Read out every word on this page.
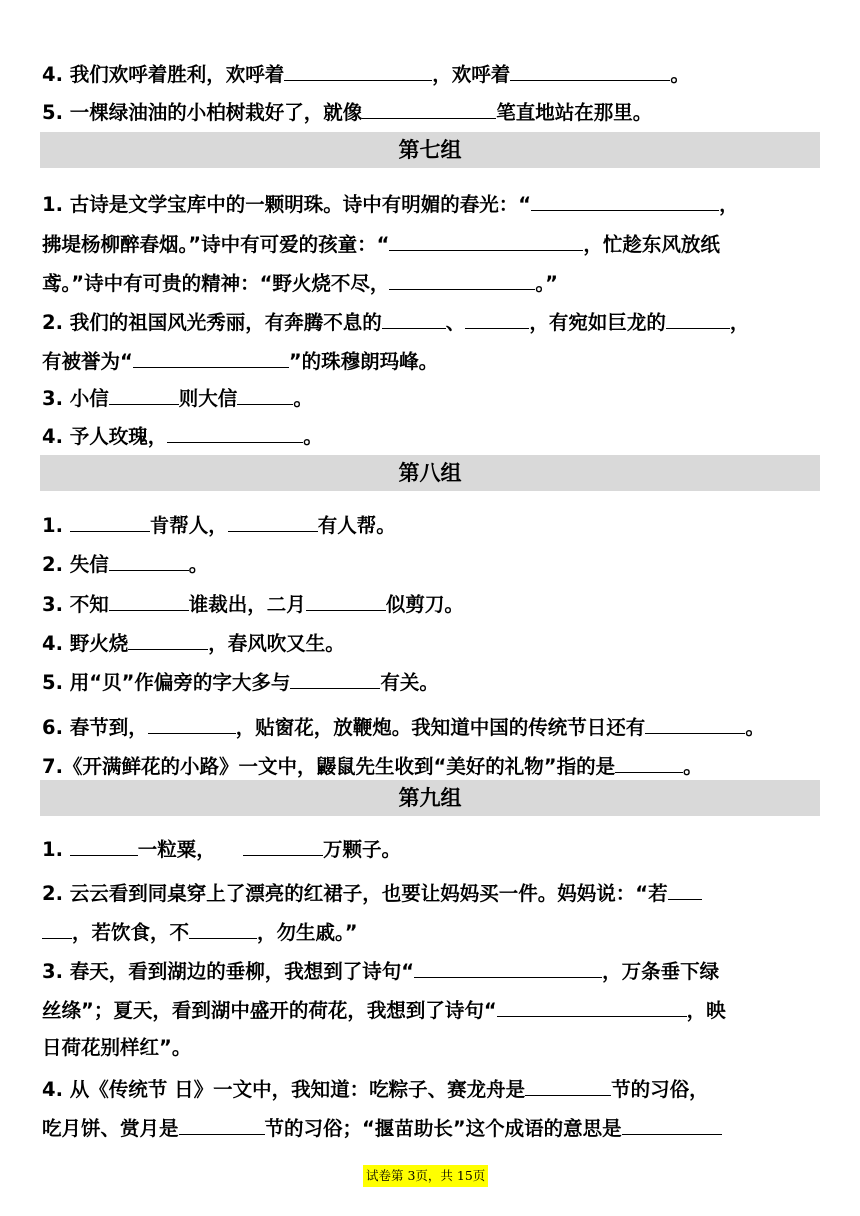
4. 我们欢呼着胜利，欢呼着	，欢呼着	。
5. 一棵绿油油的小柏树栽好了，就像	笔直地站在那里。
第七组
1. 古诗是文学宝库中的一颗明珠。诗中有明媚的春光：“	，
拂堤杨柳醉春烟。”诗中有可爱的孩童：“	，忙趁东风放纸
鸢。”诗中有可贵的精神：“野火烧不尽，	。”
2. 我们的祖国风光秀丽，有奔腾不息的	、	，有宛如巨龙的	，
有被誉为“	”的珠穆朗玛峰。
3. 小信	则大信	。
4. 予人玫瑰，	。
第八组
1.	肯帮人，	有人帮。
2. 失信	。
3. 不知	谁裁出，二月	似剪刀。
4. 野火烧	，春风吹又生。
5. 用“贝”作偏旁的字大多与	有关。
6. 春节到，	，贴窗花，放鞭炮。我知道中国的传统节日还有	。
7.《开满鲜花的小路》一文中，鼹鼠先生收到“美好的礼物”指的是	。
第九组
1.	一粒粟，	万颗子。
2. 云云看到同桌穿上了漂亮的红裙子，也要让妈妈买一件。妈妈说：“若
，若饮食，不	，勿生戚。”
3. 春天，看到湖边的垂柳，我想到了诗句“	，万条垂下绿
丝绦”；夏天，看到湖中盛开的荷花，我想到了诗句“	，映
日荷花别样红”。
4. 从《传统节 日》一文中，我知道：吃粽子、赛龙舟是	节的习俗，
吃月饼、赏月是	节的习俗；“揠苗助长”这个成语的意思是
试卷第 3页，共 15页
